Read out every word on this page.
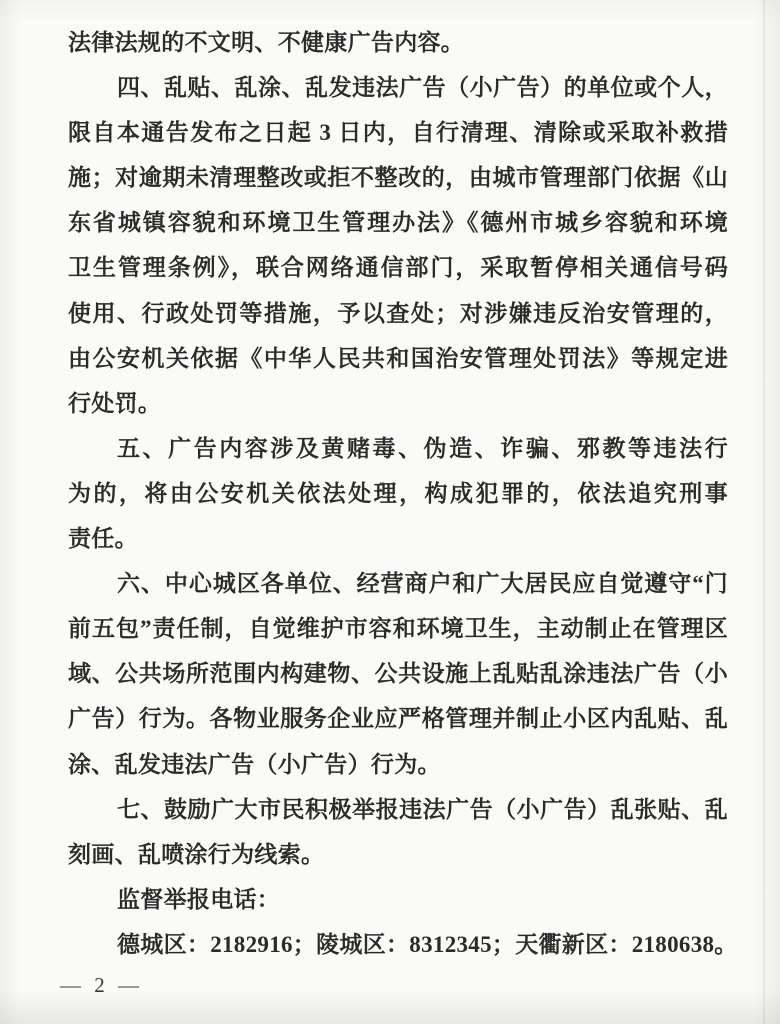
法律法规的不文明、不健康广告内容。
四、乱贴、乱涂、乱发违法广告（小广告）的单位或个人，
限自本通告发布之日起 3 日内，自行清理、清除或采取补救措
施；对逾期未清理整改或拒不整改的，由城市管理部门依据《山
东省城镇容貌和环境卫生管理办法》《德州市城乡容貌和环境
卫生管理条例》，联合网络通信部门，采取暂停相关通信号码
使用、行政处罚等措施，予以查处；对涉嫌违反治安管理的，
由公安机关依据《中华人民共和国治安管理处罚法》等规定进
行处罚。
五、广告内容涉及黄赌毒、伪造、诈骗、邪教等违法行
为的，将由公安机关依法处理，构成犯罪的，依法追究刑事
责任。
六、中心城区各单位、经营商户和广大居民应自觉遵守“门
前五包”责任制，自觉维护市容和环境卫生，主动制止在管理区
域、公共场所范围内构建物、公共设施上乱贴乱涂违法广告（小
广告）行为。各物业服务企业应严格管理并制止小区内乱贴、乱
涂、乱发违法广告（小广告）行为。
七、鼓励广大市民积极举报违法广告（小广告）乱张贴、乱
刻画、乱喷涂行为线索。
监督举报电话：
德城区：2182916；陵城区：8312345；天衢新区：2180638。
— 2 —
